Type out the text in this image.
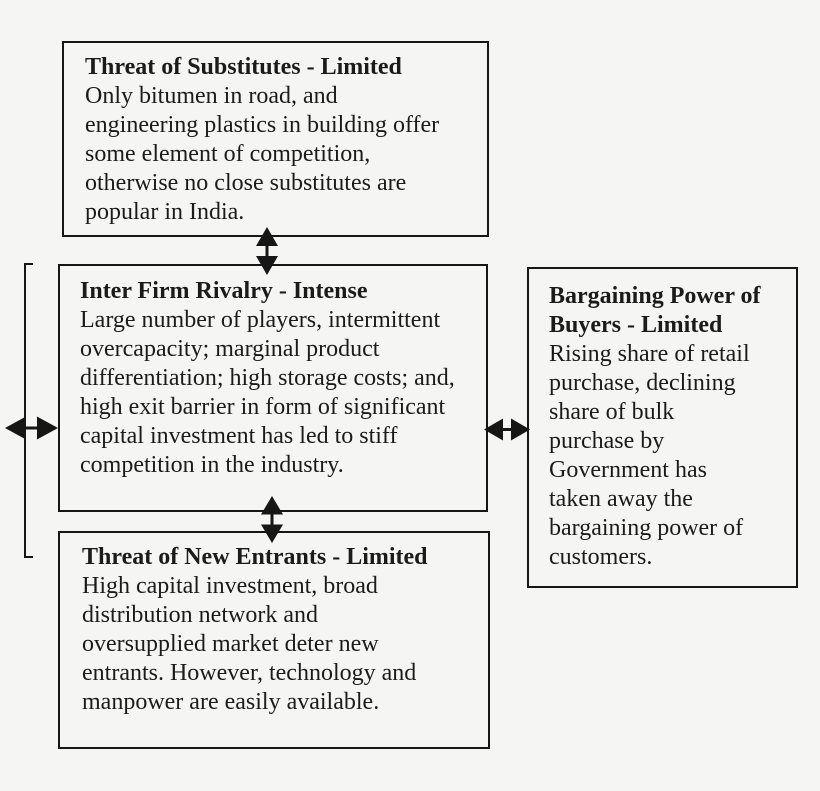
Threat of Substitutes - Limited
Only bitumen in road, and
engineering plastics in building offer
some element of competition,
otherwise no close substitutes are
popular in India.
Inter Firm Rivalry - Intense
Large number of players, intermittent
overcapacity; marginal product
differentiation; high storage costs; and,
high exit barrier in form of significant
capital investment has led to stiff
competition in the industry.
Bargaining Power of
Buyers - Limited
Rising share of retail
purchase, declining
share of bulk
purchase by
Government has
taken away the
bargaining power of
customers.
Threat of New Entrants - Limited
High capital investment, broad
distribution network and
oversupplied market deter new
entrants. However, technology and
manpower are easily available.
